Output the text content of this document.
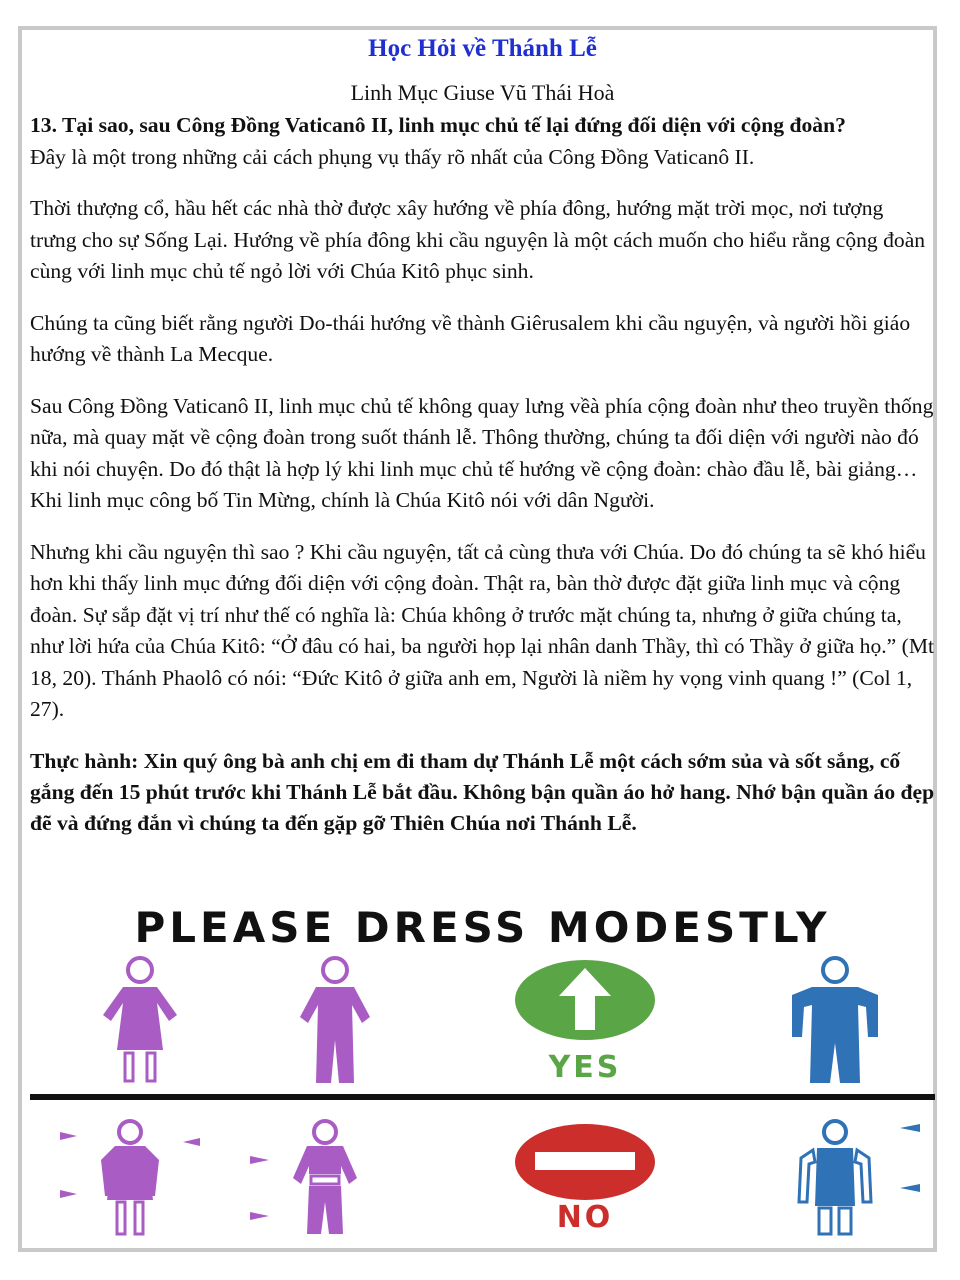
Học Hỏi về Thánh Lễ

Linh Mục Giuse Vũ Thái Hoà

13. Tại sao, sau Công Đồng Vaticanô II, linh mục chủ tế lại đứng đối diện với cộng đoàn?

Đây là một trong những cải cách phụng vụ thấy rõ nhất của Công Đồng Vaticanô II.

Thời thượng cổ, hầu hết các nhà thờ được xây hướng về phía đông, hướng mặt trời mọc, nơi tượng trưng cho sự Sống Lại. Hướng về phía đông khi cầu nguyện là một cách muốn cho hiểu rằng cộng đoàn cùng với linh mục chủ tế ngỏ lời với Chúa Kitô phục sinh.

Chúng ta cũng biết rằng người Do-thái hướng về thành Giêrusalem khi cầu nguyện, và người hồi giáo hướng về thành La Mecque.

Sau Công Đồng Vaticanô II, linh mục chủ tế không quay lưng vềà phía cộng đoàn như theo truyền thống nữa, mà quay mặt về cộng đoàn trong suốt thánh lễ. Thông thường, chúng ta đối diện với người nào đó khi nói chuyện. Do đó thật là hợp lý khi linh mục chủ tế hướng về cộng đoàn: chào đầu lễ, bài giảng… Khi linh mục công bố Tin Mừng, chính là Chúa Kitô nói với dân Người.

Nhưng khi cầu nguyện thì sao ? Khi cầu nguyện, tất cả cùng thưa với Chúa. Do đó chúng ta sẽ khó hiểu hơn khi thấy linh mục đứng đối diện với cộng đoàn. Thật ra, bàn thờ được đặt giữa linh mục và cộng đoàn. Sự sắp đặt vị trí như thế có nghĩa là: Chúa không ở trước mặt chúng ta, nhưng ở giữa chúng ta, như lời hứa của Chúa Kitô: “Ở đâu có hai, ba người họp lại nhân danh Thầy, thì có Thầy ở giữa họ.” (Mt 18, 20). Thánh Phaolô có nói: “Đức Kitô ở giữa anh em, Người là niềm hy vọng vinh quang !” (Col 1, 27).

Thực hành: Xin quý ông bà anh chị em đi tham dự Thánh Lễ một cách sớm sủa và sốt sắng, cố gắng đến 15 phút trước khi Thánh Lễ bắt đầu. Không bận quần áo hở hang. Nhớ bận quần áo đẹp đẽ và đứng đắn vì chúng ta đến gặp gỡ Thiên Chúa nơi Thánh Lễ.

PLEASE DRESS MODESTLY
YES
NO
